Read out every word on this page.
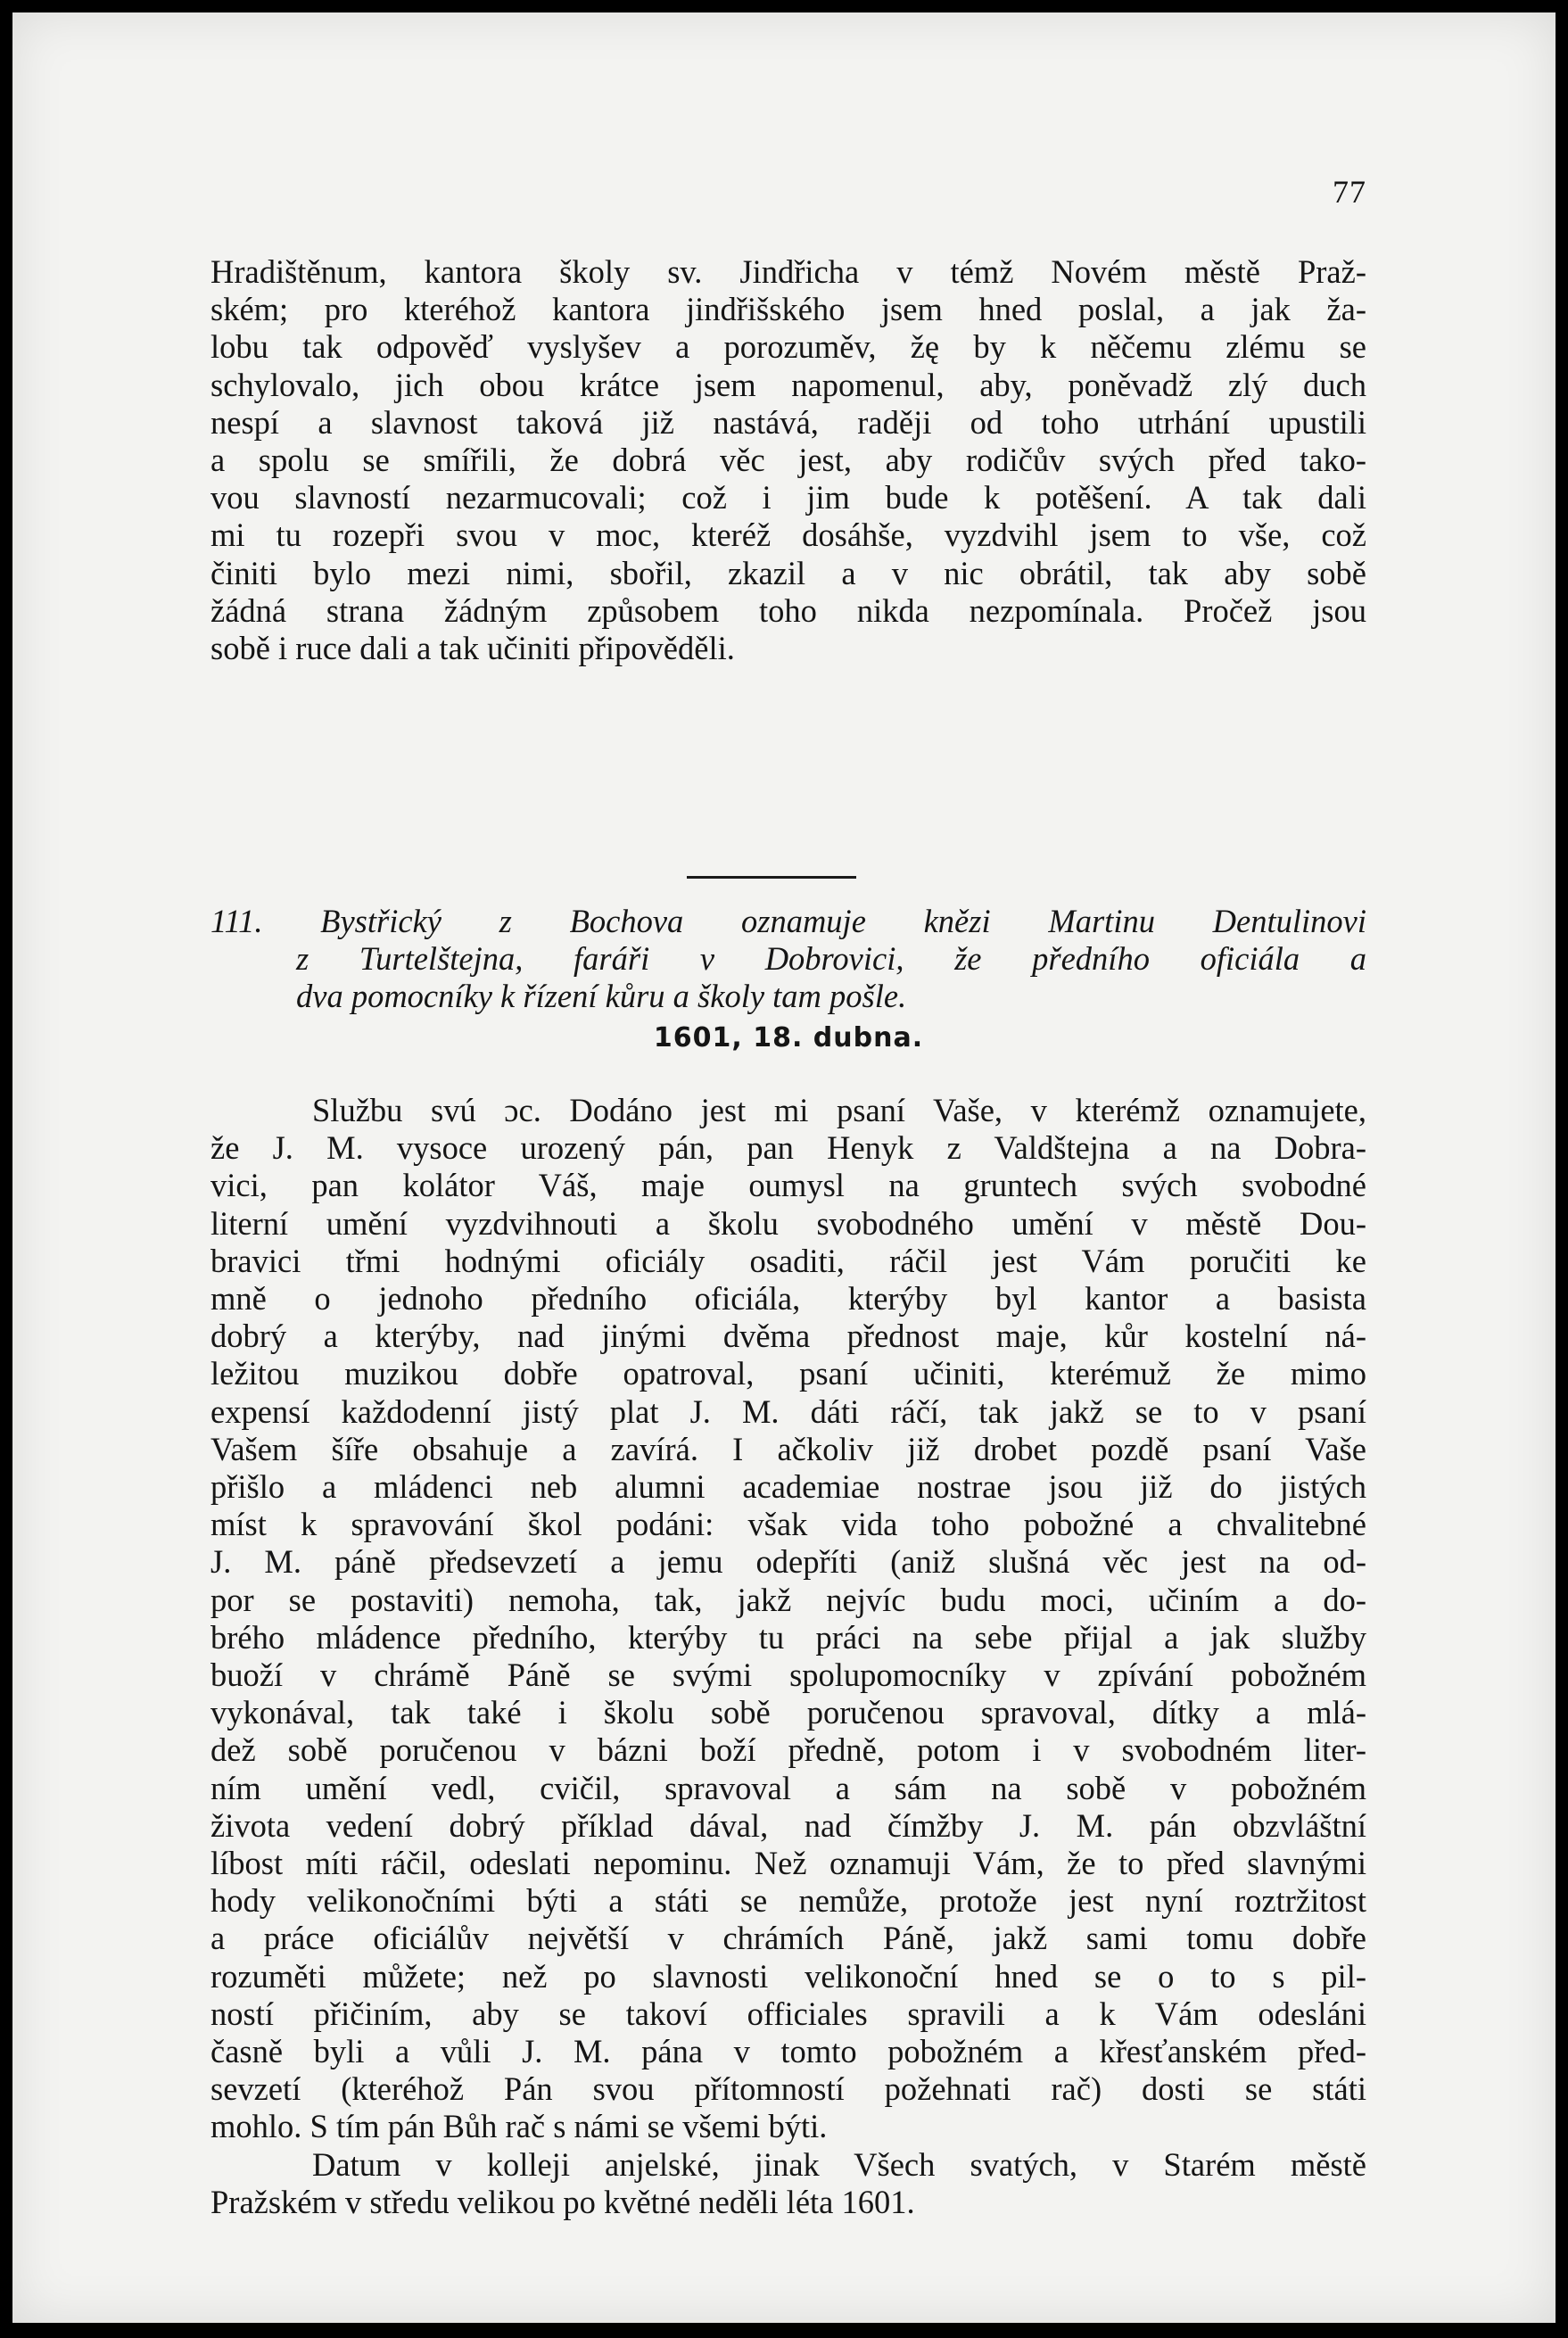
77
Hradištěnum, kantora školy sv. Jindřicha v témž Novém městě Praž-
ském; pro kteréhož kantora jindřišského jsem hned poslal, a jak ža-
lobu tak odpověď vyslyšev a porozuměv, žę by k něčemu zlému se
schylovalo, jich obou krátce jsem napomenul, aby, poněvadž zlý duch
nespí a slavnost taková již nastává, raději od toho utrhání upustili
a spolu se smířili, že dobrá věc jest, aby rodičův svých před tako-
vou slavností nezarmucovali; což i jim bude k potěšení. A tak dali
mi tu rozepři svou v moc, kteréž dosáhše, vyzdvihl jsem to vše, což
činiti bylo mezi nimi, sbořil, zkazil a v nic obrátil, tak aby sobě
žádná strana žádným způsobem toho nikda nezpomínala. Pročež jsou
sobě i ruce dali a tak učiniti připověděli.
111. Bystřický z Bochova oznamuje knězi Martinu Dentulinovi
z Turtelštejna, faráři v Dobrovici, že předního oficiála a
dva pomocníky k řízení kůru a školy tam pošle.
1601, 18. dubna.
Službu svú ɔc. Dodáno jest mi psaní Vaše, v kterémž oznamujete,
že J. M. vysoce urozený pán, pan Henyk z Valdštejna a na Dobra-
vici, pan kolátor Váš, maje oumysl na gruntech svých svobodné
literní umění vyzdvihnouti a školu svobodného umění v městě Dou-
bravici třmi hodnými oficiály osaditi, ráčil jest Vám poručiti ke
mně o jednoho předního oficiála, kterýby byl kantor a basista
dobrý a kterýby, nad jinými dvěma přednost maje, kůr kostelní ná-
ležitou muzikou dobře opatroval, psaní učiniti, kterémuž že mimo
expensí každodenní jistý plat J. M. dáti ráčí, tak jakž se to v psaní
Vašem šíře obsahuje a zavírá. I ačkoliv již drobet pozdě psaní Vaše
přišlo a mládenci neb alumni academiae nostrae jsou již do jistých
míst k spravování škol podáni: však vida toho pobožné a chvalitebné
J. M. páně předsevzetí a jemu odepříti (aniž slušná věc jest na od-
por se postaviti) nemoha, tak, jakž nejvíc budu moci, učiním a do-
brého mládence předního, kterýby tu práci na sebe přijal a jak služby
buoží v chrámě Páně se svými spolupomocníky v zpívání pobožném
vykonával, tak také i školu sobě poručenou spravoval, dítky a mlá-
dež sobě poručenou v bázni boží předně, potom i v svobodném liter-
ním umění vedl, cvičil, spravoval a sám na sobě v pobožném
života vedení dobrý příklad dával, nad čímžby J. M. pán obzvláštní
líbost míti ráčil, odeslati nepominu. Než oznamuji Vám, že to před slavnými
hody velikonočními býti a státi se nemůže, protože jest nyní roztržitost
a práce oficiálův největší v chrámích Páně, jakž sami tomu dobře
rozuměti můžete; než po slavnosti velikonoční hned se o to s pil-
ností přičiním, aby se takoví officiales spravili a k Vám odesláni
časně byli a vůli J. M. pána v tomto pobožném a křesťanském před-
sevzetí (kteréhož Pán svou přítomností požehnati rač) dosti se státi
mohlo. S tím pán Bůh rač s námi se všemi býti.
Datum v kolleji anjelské, jinak Všech svatých, v Starém městě
Pražském v středu velikou po květné neděli léta 1601.
